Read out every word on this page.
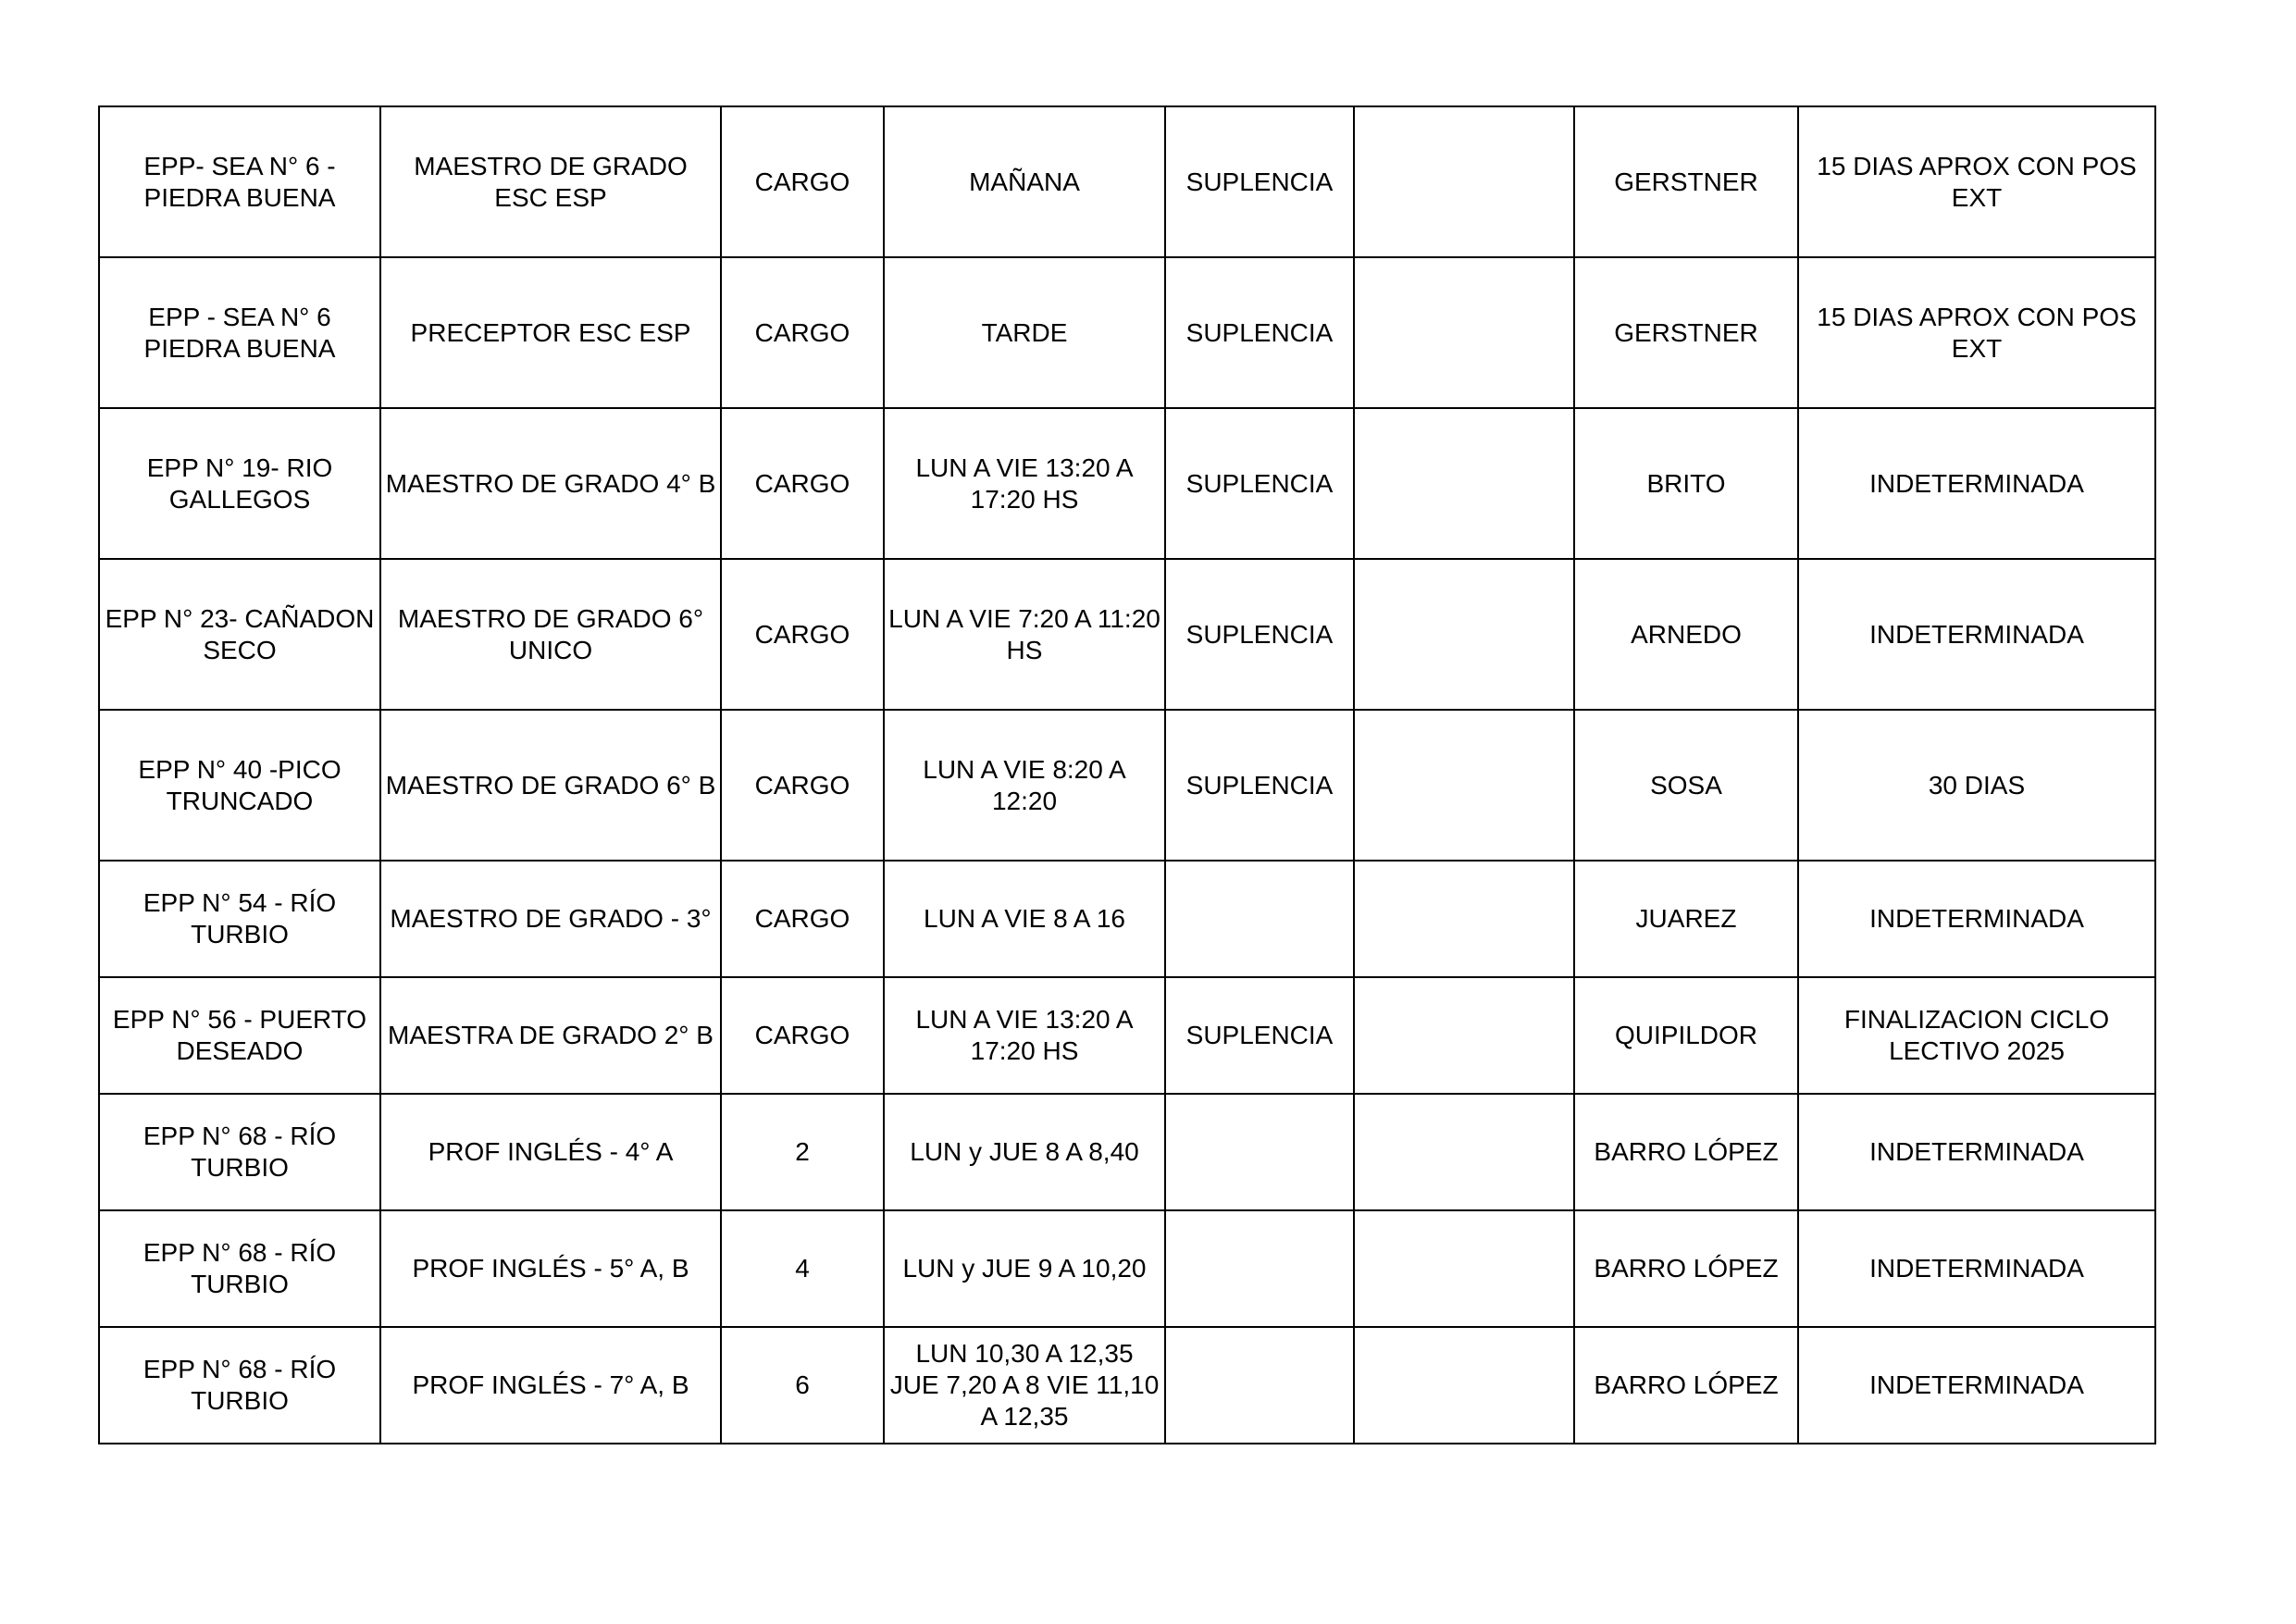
EPP- SEA N° 6 - PIEDRA BUENA	MAESTRO DE GRADO ESC ESP	CARGO	MAÑANA	SUPLENCIA		GERSTNER	15 DIAS APROX CON POS EXT
EPP - SEA N° 6 PIEDRA BUENA	PRECEPTOR ESC ESP	CARGO	TARDE	SUPLENCIA		GERSTNER	15 DIAS APROX CON POS EXT
EPP N° 19- RIO GALLEGOS	MAESTRO DE GRADO 4° B	CARGO	LUN A VIE 13:20 A 17:20 HS	SUPLENCIA		BRITO	INDETERMINADA
EPP N° 23- CAÑADON SECO	MAESTRO DE GRADO 6° UNICO	CARGO	LUN A VIE 7:20 A 11:20 HS	SUPLENCIA		ARNEDO	INDETERMINADA
EPP N° 40 -PICO TRUNCADO	MAESTRO DE GRADO 6° B	CARGO	LUN A VIE 8:20 A 12:20	SUPLENCIA		SOSA	30 DIAS
EPP N° 54 - RÍO TURBIO	MAESTRO DE GRADO - 3°	CARGO	LUN A VIE 8 A 16			JUAREZ	INDETERMINADA
EPP N° 56 - PUERTO DESEADO	MAESTRA DE GRADO 2° B	CARGO	LUN A VIE 13:20 A 17:20 HS	SUPLENCIA		QUIPILDOR	FINALIZACION CICLO LECTIVO 2025
EPP N° 68 - RÍO TURBIO	PROF INGLÉS - 4° A	2	LUN y JUE 8 A 8,40			BARRO LÓPEZ	INDETERMINADA
EPP N° 68 - RÍO TURBIO	PROF INGLÉS - 5° A, B	4	LUN y JUE 9 A 10,20			BARRO LÓPEZ	INDETERMINADA
EPP N° 68 - RÍO TURBIO	PROF INGLÉS - 7° A, B	6	LUN 10,30 A 12,35 JUE 7,20 A 8 VIE 11,10 A 12,35			BARRO LÓPEZ	INDETERMINADA
